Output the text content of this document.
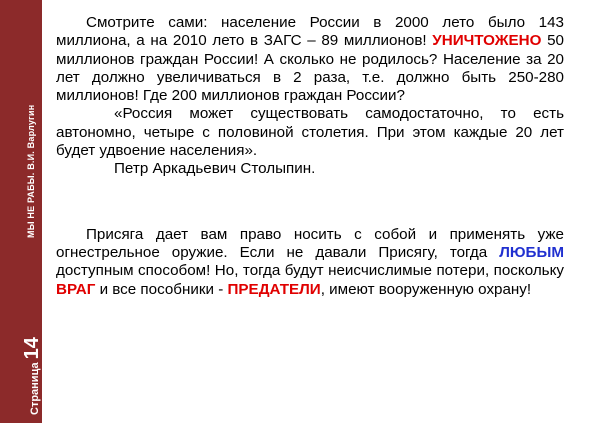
МЫ НЕ РАБЫ. В.И. Варлугин
Страница
14

Смотрите сами: население России в 2000 лето было 143 миллиона, а на 2010 лето в ЗАГС – 89 миллионов! УНИЧТОЖЕНО 50 миллионов граждан России! А сколько не родилось? Население за 20 лет должно увеличиваться в 2 раза, т.е. должно быть 250-280 миллионов! Где 200 миллионов граждан России?

«Россия может существовать самодостаточно, то есть автономно, четыре с половиной столетия. При этом каждые 20 лет будет удвоение населения».

Петр Аркадьевич Столыпин.

Присяга дает вам право носить с собой и применять уже огнестрельное оружие. Если не давали Присягу, тогда ЛЮБЫМ доступным способом! Но, тогда будут неисчислимые потери, поскольку ВРАГ и все пособники - ПРЕДАТЕЛИ, имеют вооруженную охрану!
